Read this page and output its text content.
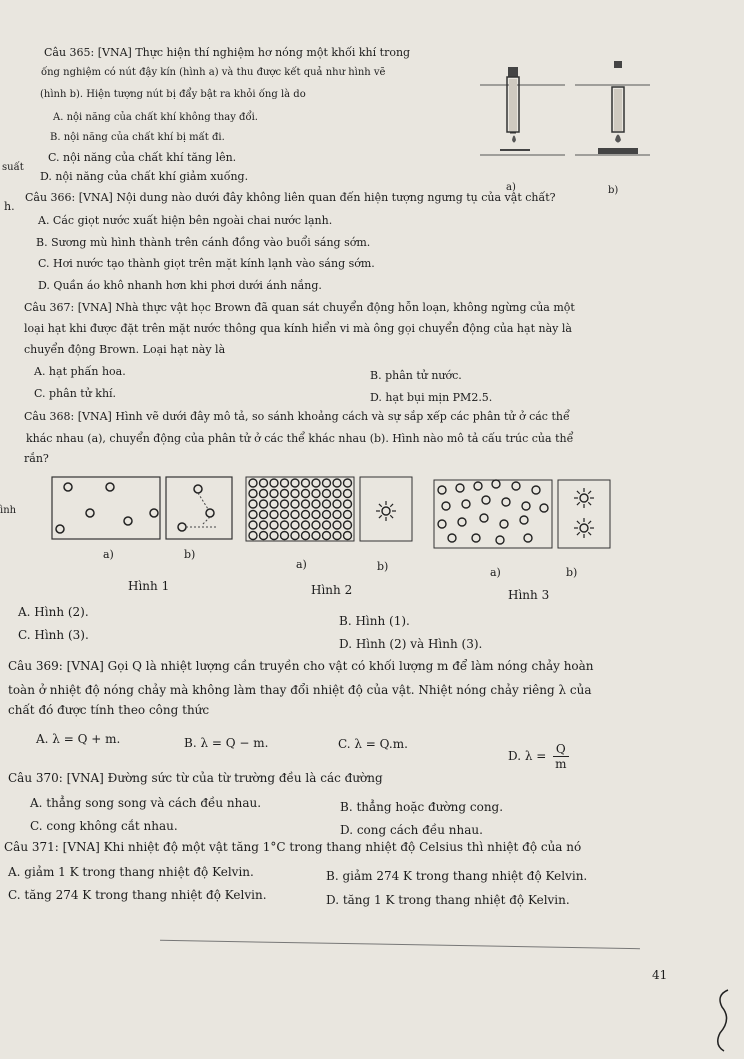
suất
h.
ình
Câu 365: [VNA] Thực hiện thí nghiệm hơ nóng một khối khí trong
ống nghiệm có nút đậy kín (hình a) và thu được kết quả như hình vẽ
(hình b). Hiện tượng nút bị đẩy bật ra khỏi ống là do
A. nội năng của chất khí không thay đổi.
B. nội năng của chất khí bị mất đi.
C. nội năng của chất khí tăng lên.
D. nội năng của chất khí giảm xuống.
a)	b)
Câu 366: [VNA] Nội dung nào dưới đây không liên quan đến hiện tượng ngưng tụ của vật chất?
A. Các giọt nước xuất hiện bên ngoài chai nước lạnh.
B. Sương mù hình thành trên cánh đồng vào buổi sáng sớm.
C. Hơi nước tạo thành giọt trên mặt kính lạnh vào sáng sớm.
D. Quần áo khô nhanh hơn khi phơi dưới ánh nắng.
Câu 367: [VNA] Nhà thực vật học Brown đã quan sát chuyển động hỗn loạn, không ngừng của một
loại hạt khi được đặt trên mặt nước thông qua kính hiển vi mà ông gọi chuyển động của hạt này là
chuyển động Brown. Loại hạt này là
A. hạt phấn hoa.	B. phân tử nước.
C. phân tử khí.	D. hạt bụi mịn PM2.5.
Câu 368: [VNA] Hình vẽ dưới đây mô tả, so sánh khoảng cách và sự sắp xếp các phân tử ở các thể
khác nhau (a), chuyển động của phân tử ở các thể khác nhau (b). Hình nào mô tả cấu trúc của thể
rắn?
a)	b)
a)	b)	a)	b)
Hình 1	Hình 2	Hình 3
A. Hình (2).
B. Hình (1).
C. Hình (3).
D. Hình (2) và Hình (3).
Câu 369: [VNA] Gọi Q là nhiệt lượng cần truyền cho vật có khối lượng m để làm nóng chảy hoàn
toàn ở nhiệt độ nóng chảy mà không làm thay đổi nhiệt độ của vật. Nhiệt nóng chảy riêng λ của
chất đó được tính theo công thức
A. λ = Q + m.	B. λ = Q − m.	C. λ = Q.m.
D. $\lambda = \frac{Q}{m}$
Câu 370: [VNA] Đường sức từ của từ trường đều là các đường
A. thẳng song song và cách đều nhau.	B. thẳng hoặc đường cong.
C. cong không cắt nhau.	D. cong cách đều nhau.
Câu 371: [VNA] Khi nhiệt độ một vật tăng 1°C trong thang nhiệt độ Celsius thì nhiệt độ của nó
A. giảm 1 K trong thang nhiệt độ Kelvin.	B. giảm 274 K trong thang nhiệt độ Kelvin.
C. tăng 274 K trong thang nhiệt độ Kelvin.	D. tăng 1 K trong thang nhiệt độ Kelvin.
41
